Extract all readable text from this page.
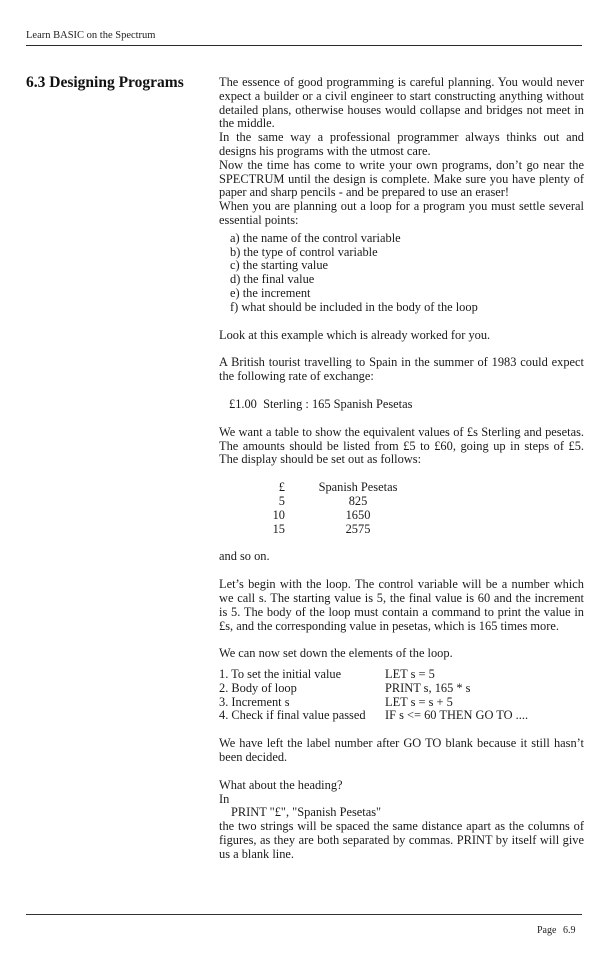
Learn BASIC on the Spectrum
6.3 Designing Programs	The essence of good programming is careful planning. You would never expect a builder or a civil engineer to start constructing anything without detailed plans, otherwise houses would collapse and bridges not meet in the middle.

In the same way a professional programmer always thinks out and designs his programs with the utmost care.

Now the time has come to write your own programs, don’t go near the SPECTRUM until the design is complete. Make sure you have plenty of paper and sharp pencils - and be prepared to use an eraser!

When you are planning out a loop for a program you must settle several essential points:

a) the name of the control variable
b) the type of control variable
c) the starting value
d) the final value
e) the increment
f) what should be included in the body of the loop

Look at this example which is already worked for you.

A British tourist travelling to Spain in the summer of 1983 could expect the following rate of exchange:

£1.00  Sterling : 165 Spanish Pesetas

We want a table to show the equivalent values of £s Sterling and pesetas. The amounts should be listed from £5 to £60, going up in steps of £5. The display should be set out as follows:

£	Spanish Pesetas
5	825
10	1650
15	2575

and so on.

Let’s begin with the loop. The control variable will be a number which we call s. The starting value is 5, the final value is 60 and the increment is 5. The body of the loop must contain a command to print the value in £s, and the corresponding value in pesetas, which is 165 times more.

We can now set down the elements of the loop.

1. To set the initial value	LET s = 5
2. Body of loop	PRINT s, 165 * s
3. Increment s	LET s = s + 5
4. Check if final value passed	IF s <= 60 THEN GO TO ....

We have left the label number after GO TO blank because it still hasn’t been decided.

What about the heading?

In

PRINT "£", "Spanish Pesetas"

the two strings will be spaced the same distance apart as the columns of figures, as they are both separated by commas. PRINT by itself will give us a blank line.

Page 6.9
